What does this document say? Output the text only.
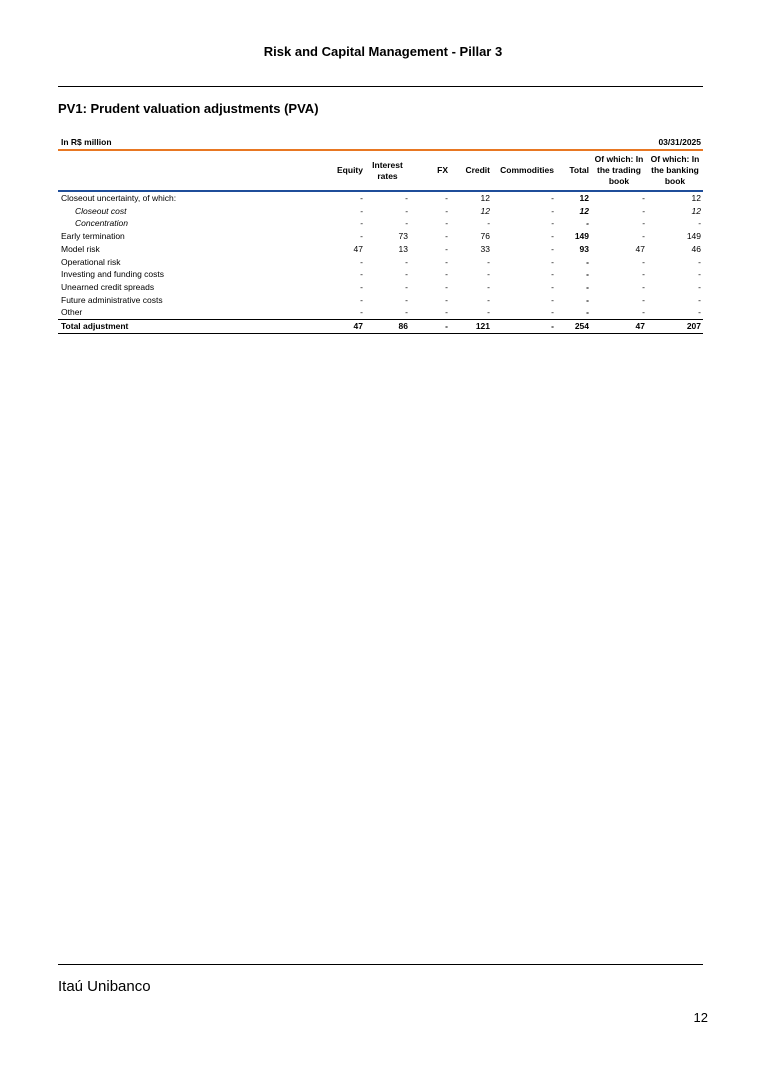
Risk and Capital Management - Pillar 3
PV1: Prudent valuation adjustments (PVA)
In R$ million	03/31/2025
	Equity	Interest rates	FX	Credit	Commodities	Total	Of which: In the trading book	Of which: In the banking book
Closeout uncertainty, of which:	-	-	-	12	-	12	-	12
Closeout cost	-	-	-	12	-	12	-	12
Concentration	-	-	-	-	-	-	-	-
Early termination	-	73	-	76	-	149	-	149
Model risk	47	13	-	33	-	93	47	46
Operational risk	-	-	-	-	-	-	-	-
Investing and funding costs	-	-	-	-	-	-	-	-
Unearned credit spreads	-	-	-	-	-	-	-	-
Future administrative costs	-	-	-	-	-	-	-	-
Other	-	-	-	-	-	-	-	-
Total adjustment	47	86	-	121	-	254	47	207
Itaú Unibanco
12
